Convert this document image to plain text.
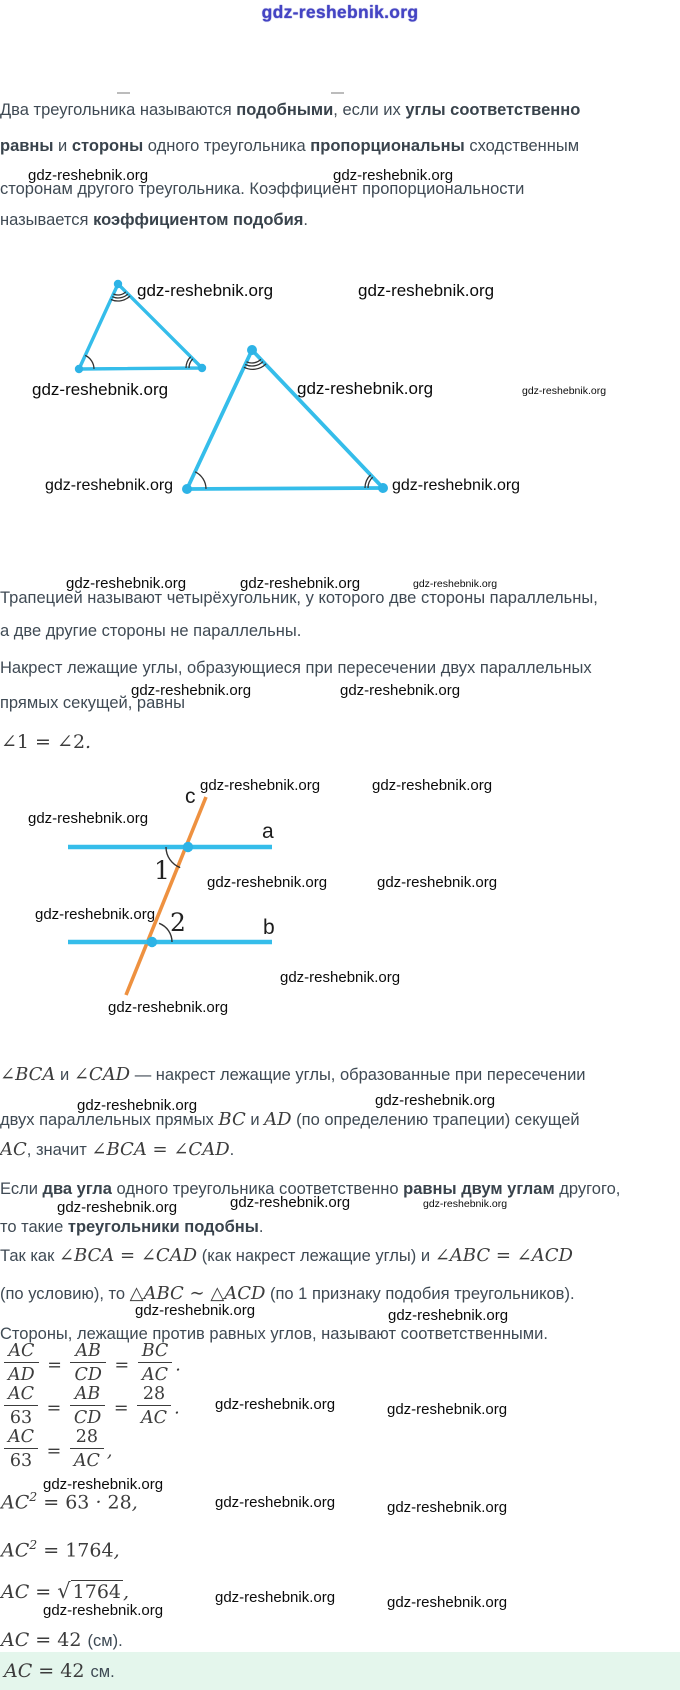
gdz-reshebnik.org
Два треугольника называются подобными, если их углы соответственно
равны и стороны одного треугольника пропорциональны сходственным
сторонам другого треугольника. Коэффициент пропорциональности
называется коэффициентом подобия.
Трапецией называют четырёхугольник, у которого две стороны параллельны,
а две другие стороны не параллельны.
Накрест лежащие углы, образующиеся при пересечении двух параллельных
прямых секущей, равны
∠1 = ∠2.
c
a
b
1
2
∠BCA и ∠CAD — накрест лежащие углы, образованные при пересечении
двух параллельных прямых BC и AD (по определению трапеции) секущей
AC, значит ∠BCA = ∠CAD.
Если два угла одного треугольника соответственно равны двум углам другого,
то такие треугольники подобны.
Так как ∠BCA = ∠CAD (как накрест лежащие углы) и ∠ABC = ∠ACD
(по условию), то △ABC ∼ △ACD (по 1 признаку подобия треугольников).
Стороны, лежащие против равных углов, называют соответственными.
$\frac{AC}{AD} = \frac{AB}{CD} = \frac{BC}{AC}$ .
$\frac{AC}{63} = \frac{AB}{CD} = \frac{28}{AC}$ .
$\frac{AC}{63} = \frac{28}{AC}$ ,
$AC^2 = 63 \cdot 28$,
$AC^2 = 1764$,
AC = √ 1764 ,
AC = 42 (см).
AC = 42 см.
gdz-reshebnik.org	gdz-reshebnik.org
gdz-reshebnik.org	gdz-reshebnik.org
gdz-reshebnik.org	gdz-reshebnik.org	gdz-reshebnik.org
gdz-reshebnik.org	gdz-reshebnik.org
gdz-reshebnik.org	gdz-reshebnik.org	gdz-reshebnik.org
gdz-reshebnik.org	gdz-reshebnik.org
gdz-reshebnik.org	gdz-reshebnik.org
gdz-reshebnik.org
gdz-reshebnik.org	gdz-reshebnik.org
gdz-reshebnik.org
gdz-reshebnik.org
gdz-reshebnik.org
gdz-reshebnik.org	gdz-reshebnik.org
gdz-reshebnik.org	gdz-reshebnik.org	gdz-reshebnik.org
gdz-reshebnik.org	gdz-reshebnik.org
gdz-reshebnik.org	gdz-reshebnik.org
gdz-reshebnik.org
gdz-reshebnik.org	gdz-reshebnik.org
gdz-reshebnik.org	gdz-reshebnik.org
gdz-reshebnik.org
